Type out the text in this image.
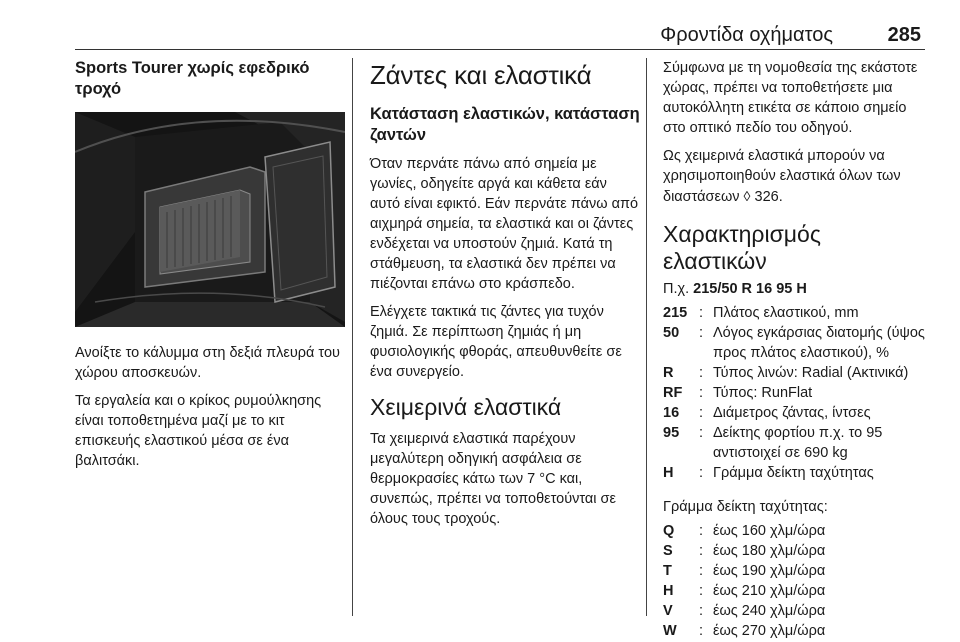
Φροντίδα οχήματος	285
Sports Tourer χωρίς εφεδρικό τροχό

Ανοίξτε το κάλυμμα στη δεξιά πλευρά του χώρου αποσκευών.

Τα εργαλεία και ο κρίκος ρυμούλκησης είναι τοποθετημένα μαζί με το κιτ επισκευής ελαστικού μέσα σε ένα βαλιτσάκι.

Ζάντες και ελαστικά
Κατάσταση ελαστικών, κατάσταση ζαντών

Όταν περνάτε πάνω από σημεία με γωνίες, οδηγείτε αργά και κάθετα εάν αυτό είναι εφικτό. Εάν περνάτε πάνω από αιχμηρά σημεία, τα ελαστικά και οι ζάντες ενδέχεται να υποστούν ζημιά. Κατά τη στάθμευση, τα ελαστικά δεν πρέπει να πιέζονται επάνω στο κράσπεδο.

Ελέγχετε τακτικά τις ζάντες για τυχόν ζημιά. Σε περίπτωση ζημιάς ή μη φυσιολογικής φθοράς, απευθυνθείτε σε ένα συνεργείο.

Χειμερινά ελαστικά

Τα χειμερινά ελαστικά παρέχουν μεγαλύτερη οδηγική ασφάλεια σε θερμοκρασίες κάτω των 7 °C και, συνεπώς, πρέπει να τοποθετούνται σε όλους τους τροχούς.

Σύμφωνα με τη νομοθεσία της εκάστοτε χώρας, πρέπει να τοποθετήσετε μια αυτοκόλλητη ετικέτα σε κάποιο σημείο στο οπτικό πεδίο του οδηγού.

Ως χειμερινά ελαστικά μπορούν να χρησιμοποιηθούν ελαστικά όλων των διαστάσεων ◊ 326.

Χαρακτηρισμός ελαστικών

Π.χ. 215/50 R 16 95 H

215 : Πλάτος ελαστικού, mm
50	: Λόγος εγκάρσιας διατομής (ύψος προς πλάτος ελαστικού), %
R	: Τύπος λινών: Radial (Ακτινικά)
RF	: Τύπος: RunFlat
16	: Διάμετρος ζάντας, ίντσες
95	: Δείκτης φορτίου π.χ. το 95 αντιστοιχεί σε 690 kg
H	: Γράμμα δείκτη ταχύτητας

Γράμμα δείκτη ταχύτητας:

Q	: έως 160 χλμ/ώρα
S	: έως 180 χλμ/ώρα
T	: έως 190 χλμ/ώρα
H	: έως 210 χλμ/ώρα
V	: έως 240 χλμ/ώρα
W	: έως 270 χλμ/ώρα
